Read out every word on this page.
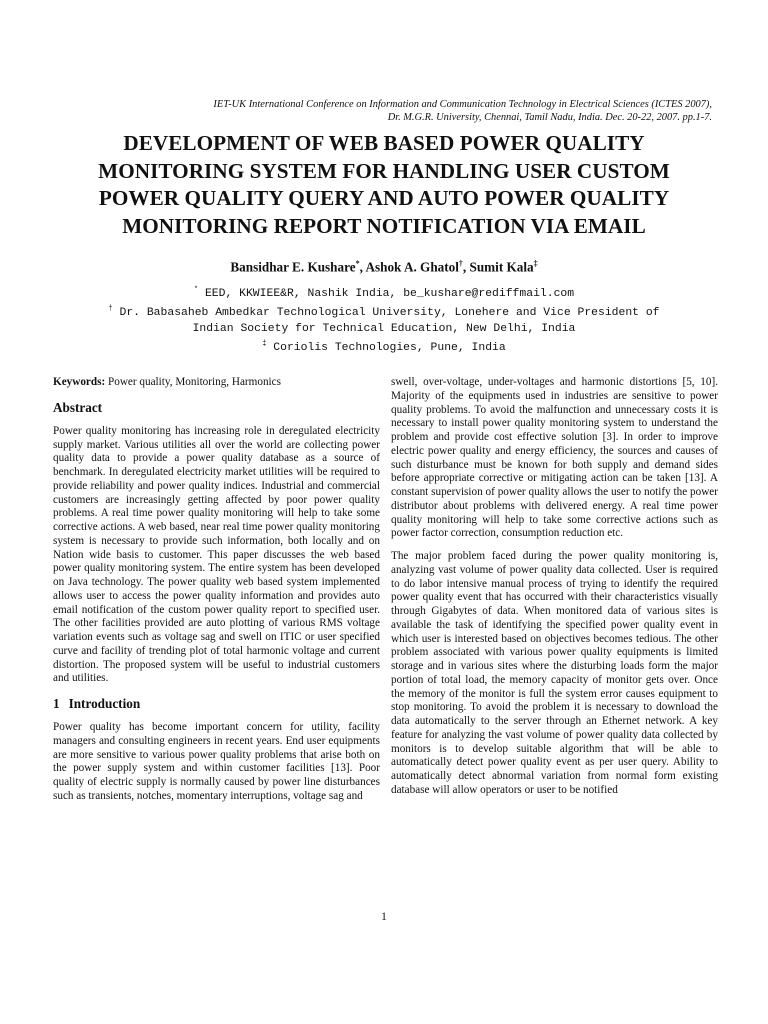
IET-UK International Conference on Information and Communication Technology in Electrical Sciences (ICTES 2007),
Dr. M.G.R. University, Chennai, Tamil Nadu, India. Dec. 20-22, 2007. pp.1-7.
DEVELOPMENT OF WEB BASED POWER QUALITY
MONITORING SYSTEM FOR HANDLING USER CUSTOM
POWER QUALITY QUERY AND AUTO POWER QUALITY
MONITORING REPORT NOTIFICATION VIA EMAIL
Bansidhar E. Kushare*, Ashok A. Ghatol†, Sumit Kala‡
* EED, KKWIEE&R, Nashik India, be_kushare@rediffmail.com
† Dr. Babasaheb Ambedkar Technological University, Lonehere and Vice President of
Indian Society for Technical Education, New Delhi, India
‡ Coriolis Technologies, Pune, India

Keywords: Power quality, Monitoring, Harmonics

Abstract

Power quality monitoring has increasing role in deregulated electricity supply market. Various utilities all over the world are collecting power quality data to provide a power quality database as a source of benchmark. In deregulated electricity market utilities will be required to provide reliability and power quality indices. Industrial and commercial customers are increasingly getting affected by poor power quality problems. A real time power quality monitoring will help to take some corrective actions. A web based, near real time power quality monitoring system is necessary to provide such information, both locally and on Nation wide basis to customer. This paper discusses the web based power quality monitoring system. The entire system has been developed on Java technology. The power quality web based system implemented allows user to access the power quality information and provides auto email notification of the custom power quality report to specified user. The other facilities provided are auto plotting of various RMS voltage variation events such as voltage sag and swell on ITIC or user specified curve and facility of trending plot of total harmonic voltage and current distortion. The proposed system will be useful to industrial customers and utilities.

1 Introduction

Power quality has become important concern for utility, facility managers and consulting engineers in recent years. End user equipments are more sensitive to various power quality problems that arise both on the power supply system and within customer facilities [13]. Poor quality of electric supply is normally caused by power line disturbances such as transients, notches, momentary interruptions, voltage sag and

swell, over-voltage, under-voltages and harmonic distortions [5, 10]. Majority of the equipments used in industries are sensitive to power quality problems. To avoid the malfunction and unnecessary costs it is necessary to install power quality monitoring system to understand the problem and provide cost effective solution [3]. In order to improve electric power quality and energy efficiency, the sources and causes of such disturbance must be known for both supply and demand sides before appropriate corrective or mitigating action can be taken [13]. A constant supervision of power quality allows the user to notify the power distributor about problems with delivered energy. A real time power quality monitoring will help to take some corrective actions such as power factor correction, consumption reduction etc.

The major problem faced during the power quality monitoring is, analyzing vast volume of power quality data collected. User is required to do labor intensive manual process of trying to identify the required power quality event that has occurred with their characteristics visually through Gigabytes of data. When monitored data of various sites is available the task of identifying the specified power quality event in which user is interested based on objectives becomes tedious. The other problem associated with various power quality equipments is limited storage and in various sites where the disturbing loads form the major portion of total load, the memory capacity of monitor gets over. Once the memory of the monitor is full the system error causes equipment to stop monitoring. To avoid the problem it is necessary to download the data automatically to the server through an Ethernet network. A key feature for analyzing the vast volume of power quality data collected by monitors is to develop suitable algorithm that will be able to automatically detect power quality event as per user query. Ability to automatically detect abnormal variation from normal form existing database will allow operators or user to be notified

1
